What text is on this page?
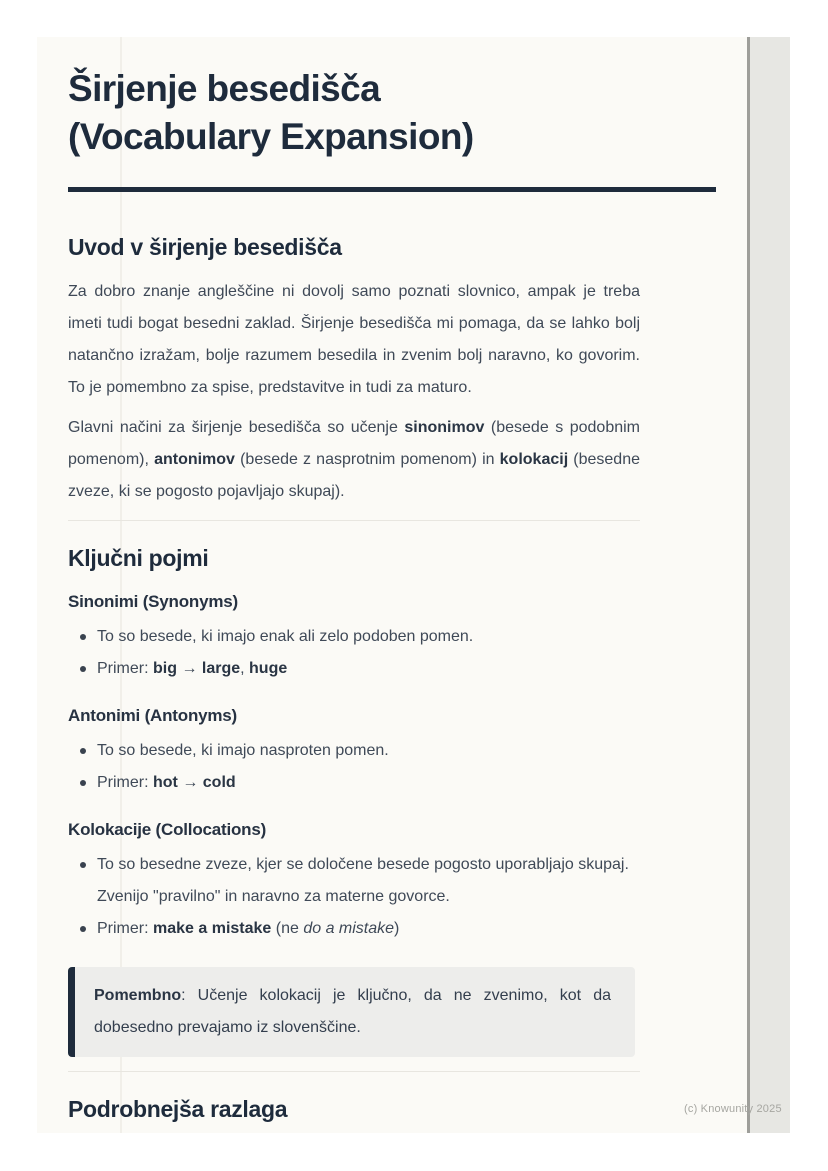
Širjenje besedišča
(Vocabulary Expansion)
Uvod v širjenje besedišča

Za dobro znanje angleščine ni dovolj samo poznati slovnico, ampak je treba imeti tudi bogat besedni zaklad. Širjenje besedišča mi pomaga, da se lahko bolj natančno izražam, bolje razumem besedila in zvenim bolj naravno, ko govorim. To je pomembno za spise, predstavitve in tudi za maturo.

Glavni načini za širjenje besedišča so učenje sinonimov (besede s podobnim pomenom), antonimov (besede z nasprotnim pomenom) in kolokacij (besedne zveze, ki se pogosto pojavljajo skupaj).

Ključni pojmi
Sinonimi (Synonyms)
To so besede, ki imajo enak ali zelo podoben pomen.
Primer: big → large, huge
Antonimi (Antonyms)
To so besede, ki imajo nasproten pomen.
Primer: hot → cold
Kolokacije (Collocations)
To so besedne zveze, kjer se določene besede pogosto uporabljajo skupaj. Zvenijo "pravilno" in naravno za materne govorce.
Primer: make a mistake (ne do a mistake)

Pomembno: Učenje kolokacij je ključno, da ne zvenimo, kot da dobesedno prevajamo iz slovenščine.

Podrobnejša razlaga	(c) Knowunity 2025
